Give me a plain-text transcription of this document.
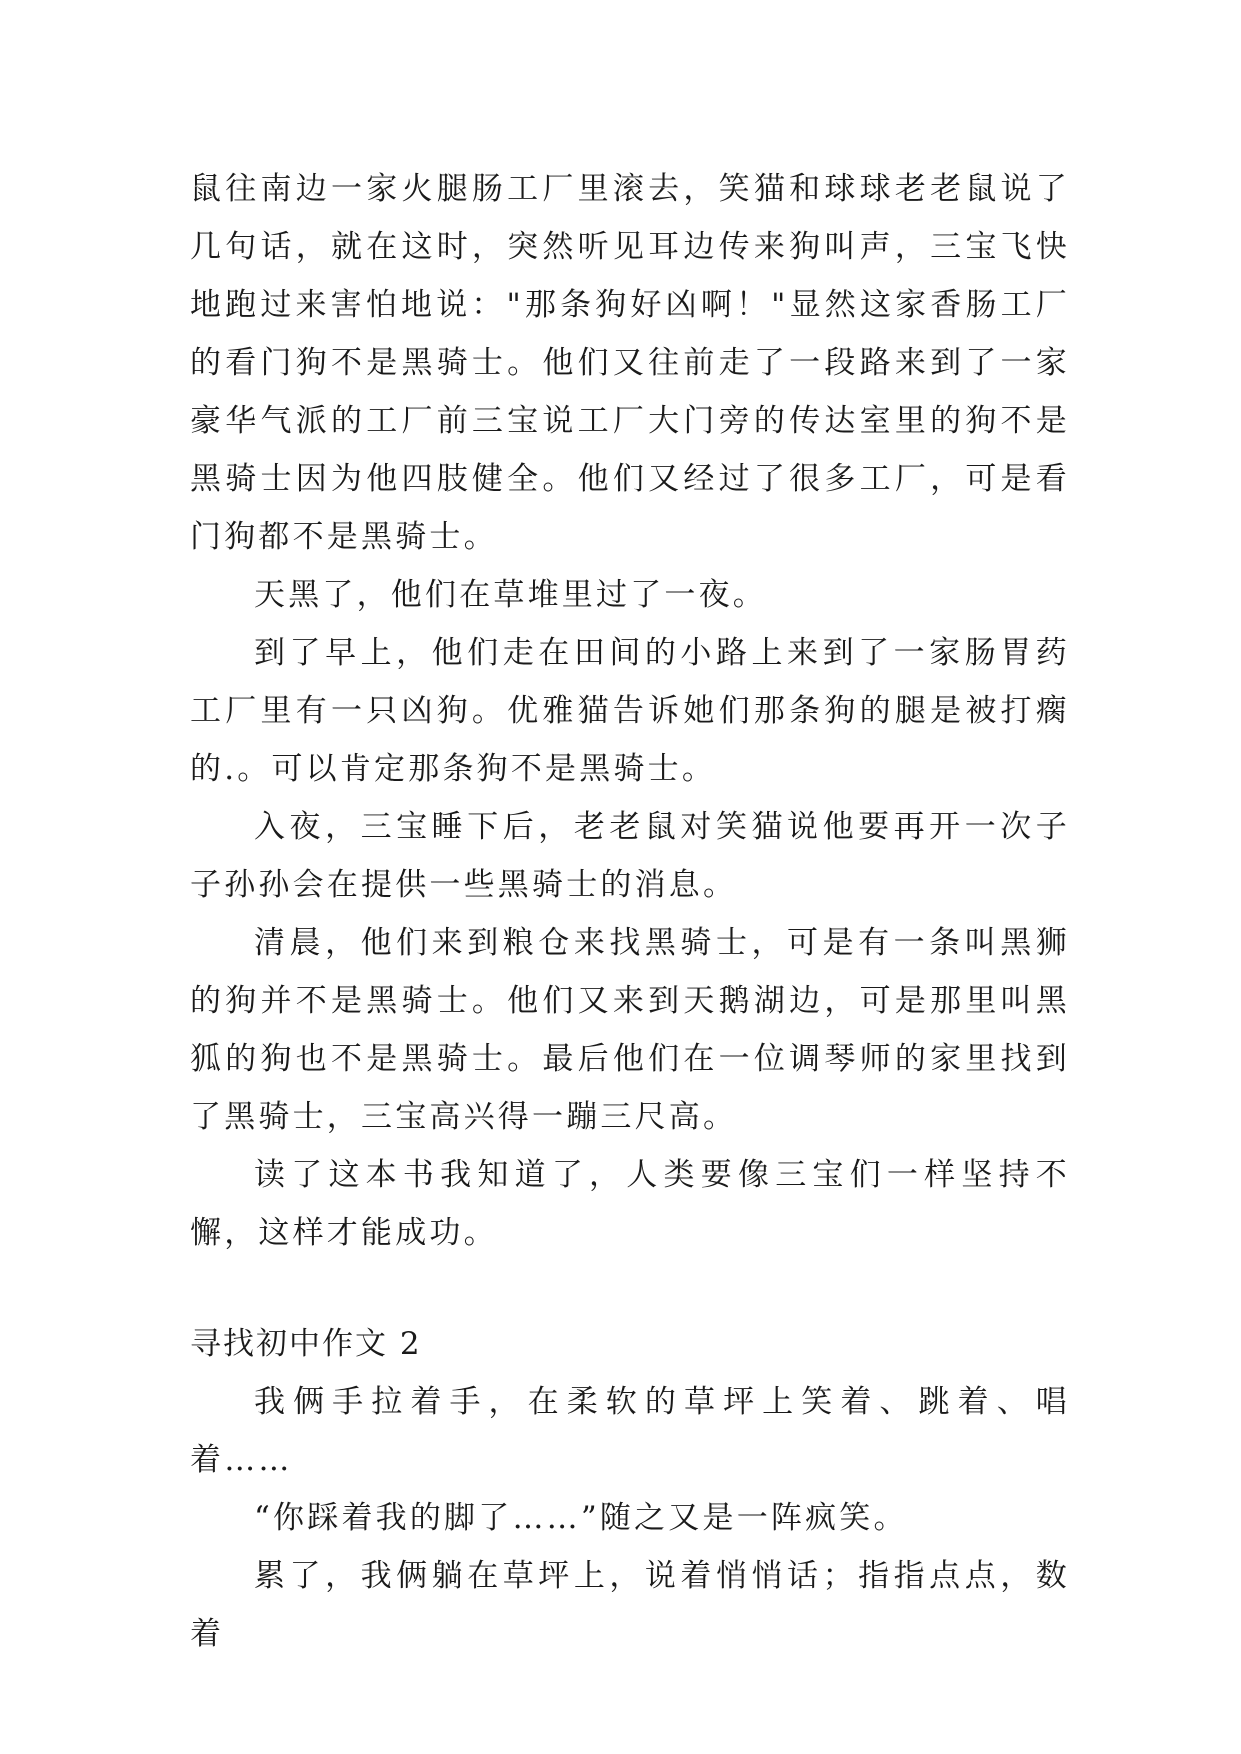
鼠往南边一家火腿肠工厂里滚去，笑猫和球球老老鼠说了几句话，就在这时，突然听见耳边传来狗叫声，三宝飞快地跑过来害怕地说："那条狗好凶啊！"显然这家香肠工厂的看门狗不是黑骑士。他们又往前走了一段路来到了一家豪华气派的工厂前三宝说工厂大门旁的传达室里的狗不是黑骑士因为他四肢健全。他们又经过了很多工厂，可是看门狗都不是黑骑士。

天黑了，他们在草堆里过了一夜。

到了早上，他们走在田间的小路上来到了一家肠胃药工厂里有一只凶狗。优雅猫告诉她们那条狗的腿是被打瘸的.。可以肯定那条狗不是黑骑士。

入夜，三宝睡下后，老老鼠对笑猫说他要再开一次子子孙孙会在提供一些黑骑士的消息。

清晨，他们来到粮仓来找黑骑士，可是有一条叫黑狮的狗并不是黑骑士。他们又来到天鹅湖边，可是那里叫黑狐的狗也不是黑骑士。最后他们在一位调琴师的家里找到了黑骑士，三宝高兴得一蹦三尺高。

读了这本书我知道了，人类要像三宝们一样坚持不懈，这样才能成功。

寻找初中作文 2

我俩手拉着手，在柔软的草坪上笑着、跳着、唱着……

“你踩着我的脚了……”随之又是一阵疯笑。

累了，我俩躺在草坪上，说着悄悄话；指指点点，数着
